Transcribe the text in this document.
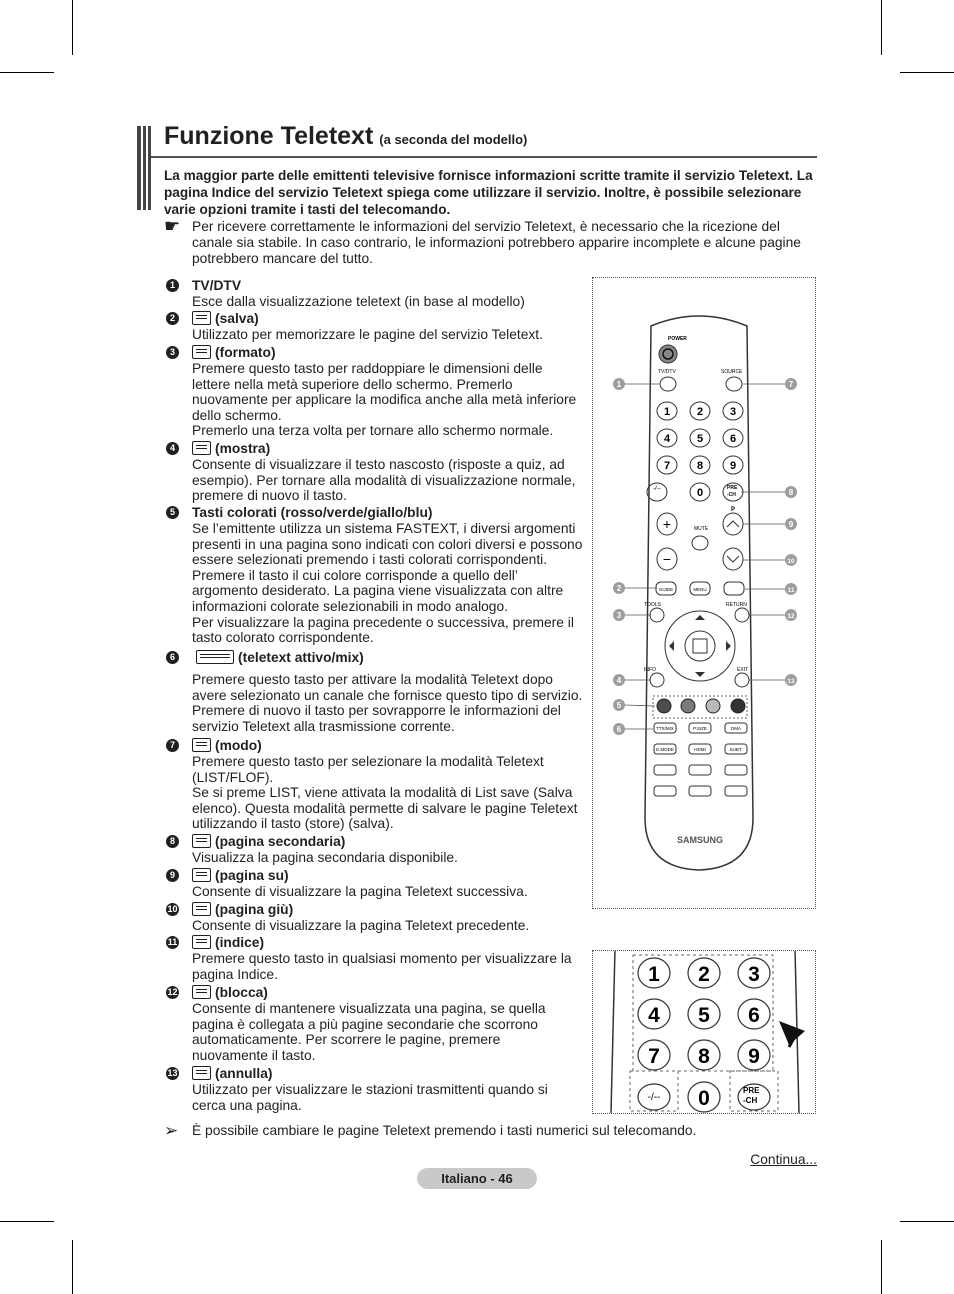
Funzione Teletext (a seconda del modello)
La maggior parte delle emittenti televisive fornisce informazioni scritte tramite il servizio Teletext. La pagina Indice del servizio Teletext spiega come utilizzare il servizio. Inoltre, è possibile selezionare varie opzioni tramite i tasti del telecomando.
☛ Per ricevere correttamente le informazioni del servizio Teletext, è necessario che la ricezione del canale sia stabile. In caso contrario, le informazioni potrebbero apparire incomplete e alcune pagine potrebbero mancare del tutto.
1 TV/DTV
Esce dalla visualizzazione teletext (in base al modello)
2	(salva)
Utilizzato per memorizzare le pagine del servizio Teletext.
3	(formato)
Premere questo tasto per raddoppiare le dimensioni delle
lettere nella metà superiore dello schermo. Premerlo
nuovamente per applicare la modifica anche alla metà inferiore
dello schermo.
Premerlo una terza volta per tornare allo schermo normale.
4	(mostra)
Consente di visualizzare il testo nascosto (risposte a quiz, ad
esempio). Per tornare alla modalità di visualizzazione normale,
premere di nuovo il tasto.
5 Tasti colorati (rosso/verde/giallo/blu)
Se l’emittente utilizza un sistema FASTEXT, i diversi argomenti
presenti in una pagina sono indicati con colori diversi e possono
essere selezionati premendo i tasti colorati corrispondenti.
Premere il tasto il cui colore corrisponde a quello dell’
argomento desiderato. La pagina viene visualizzata con altre
informazioni colorate selezionabili in modo analogo.
Per visualizzare la pagina precedente o successiva, premere il
tasto colorato corrispondente.
6	(teletext attivo/mix)
Premere questo tasto per attivare la modalità Teletext dopo
avere selezionato un canale che fornisce questo tipo di servizio.
Premere di nuovo il tasto per sovrapporre le informazioni del
servizio Teletext alla trasmissione corrente.
7	(modo)
Premere questo tasto per selezionare la modalità Teletext
(LIST/FLOF).
Se si preme LIST, viene attivata la modalità di List save (Salva
elenco). Questa modalità permette di salvare le pagine Teletext
utilizzando il tasto (store) (salva).
8	(pagina secondaria)
Visualizza la pagina secondaria disponibile.
9	(pagina su)
Consente di visualizzare la pagina Teletext successiva.
10	(pagina giù)
Consente di visualizzare la pagina Teletext precedente.
11	(indice)
Premere questo tasto in qualsiasi momento per visualizzare la
pagina Indice.
12	(blocca)
Consente di mantenere visualizzata una pagina, se quella
pagina è collegata a più pagine secondarie che scorrono
automaticamente. Per scorrere le pagine, premere
nuovamente il tasto.
13	(annulla)
Utilizzato per visualizzare le stazioni trasmittenti quando si
cerca una pagina.
POWER
TV/DTV	SOURCE
1 2 3
4 5 6
7 8 9
0
-/--	PRE
-CH
+
−
MUTE
P
GUIDE	MENU
TOOLS	RETURN
INFO	EXIT
TTX/MIX	P.SIZE	DMA
E.MODE	HDMI	SUBT.
SAMSUNG
1
2
3
4
5
6
7
8
9
10
11
12
13
1 2 3
4 5 6
7 8 9
0
-/--
PRE
-CH
➢ È possibile cambiare le pagine Teletext premendo i tasti numerici sul telecomando.
Continua...
Italiano - 46
